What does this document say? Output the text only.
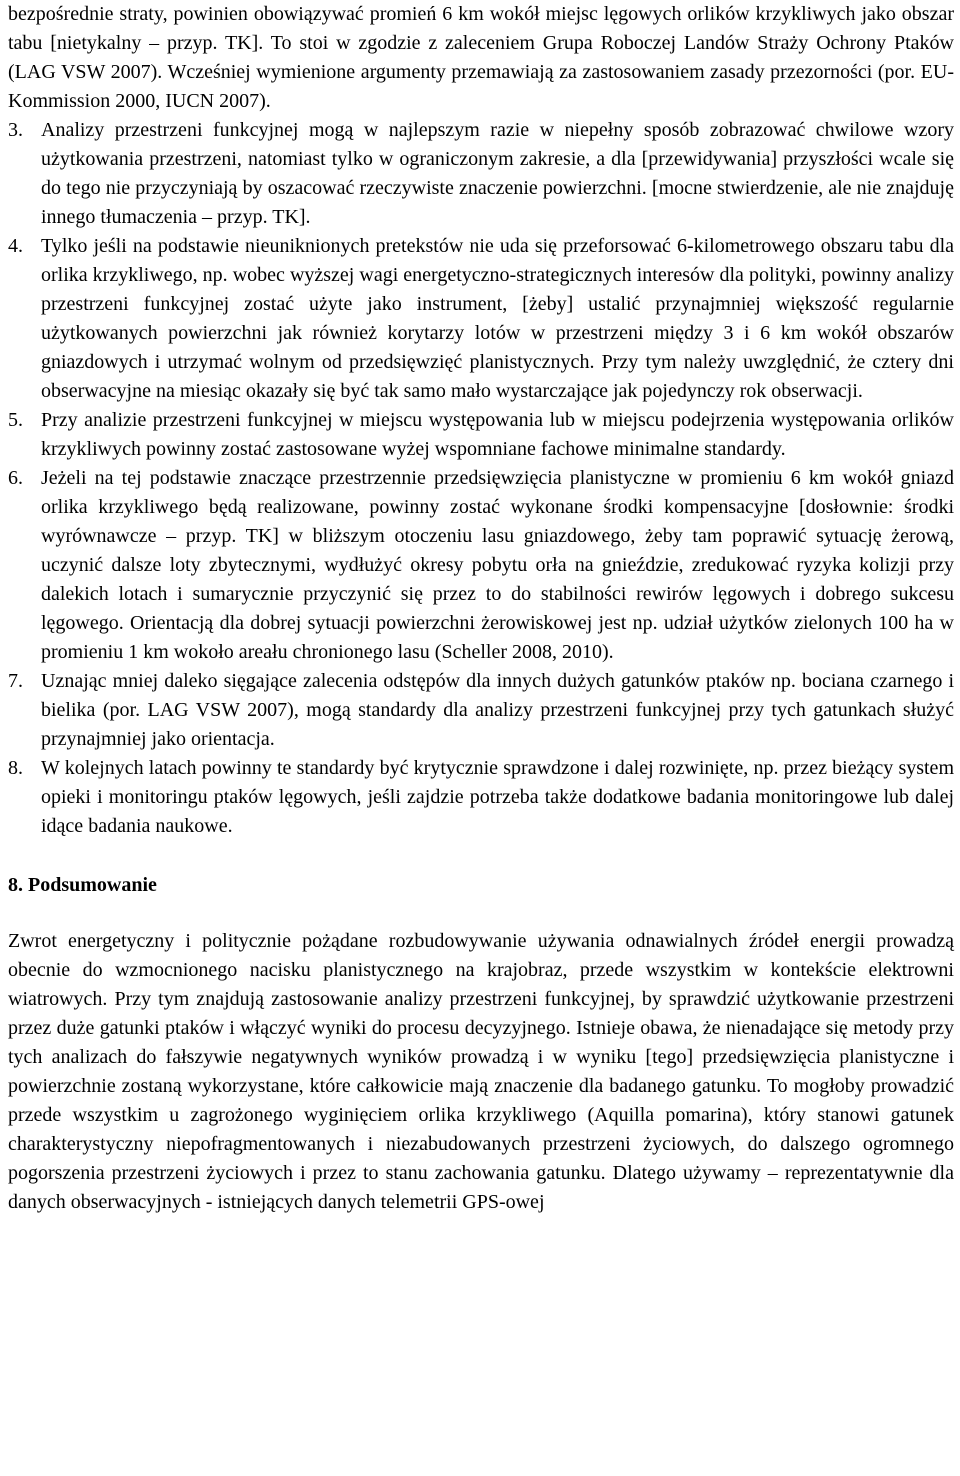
bezpośrednie straty, powinien obowiązywać promień 6 km wokół miejsc lęgowych orlików krzykliwych jako obszar tabu [nietykalny – przyp. TK]. To stoi w zgodzie z zaleceniem Grupa Roboczej Landów Straży Ochrony Ptaków (LAG VSW 2007). Wcześniej wymienione argumenty przemawiają za zastosowaniem zasady przezorności (por. EU-Kommission 2000, IUCN 2007).

3. Analizy przestrzeni funkcyjnej mogą w najlepszym razie w niepełny sposób zobrazować chwilowe wzory użytkowania przestrzeni, natomiast tylko w ograniczonym zakresie, a dla [przewidywania] przyszłości wcale się do tego nie przyczyniają by oszacować rzeczywiste znaczenie powierzchni. [mocne stwierdzenie, ale nie znajduję innego tłumaczenia – przyp. TK].
4. Tylko jeśli na podstawie nieuniknionych pretekstów nie uda się przeforsować 6-kilometrowego obszaru tabu dla orlika krzykliwego, np. wobec wyższej wagi energetyczno-strategicznych interesów dla polityki, powinny analizy przestrzeni funkcyjnej zostać użyte jako instrument, [żeby] ustalić przynajmniej większość regularnie użytkowanych powierzchni jak również korytarzy lotów w przestrzeni między 3 i 6 km wokół obszarów gniazdowych i utrzymać wolnym od przedsięwzięć planistycznych. Przy tym należy uwzględnić, że cztery dni obserwacyjne na miesiąc okazały się być tak samo mało wystarczające jak pojedynczy rok obserwacji.
5. Przy analizie przestrzeni funkcyjnej w miejscu występowania lub w miejscu podejrzenia występowania orlików krzykliwych powinny zostać zastosowane wyżej wspomniane fachowe minimalne standardy.
6. Jeżeli na tej podstawie znaczące przestrzennie przedsięwzięcia planistyczne w promieniu 6 km wokół gniazd orlika krzykliwego będą realizowane, powinny zostać wykonane środki kompensacyjne [dosłownie: środki wyrównawcze – przyp. TK] w bliższym otoczeniu lasu gniazdowego, żeby tam poprawić sytuację żerową, uczynić dalsze loty zbytecznymi, wydłużyć okresy pobytu orła na gnieździe, zredukować ryzyka kolizji przy dalekich lotach i sumarycznie przyczynić się przez to do stabilności rewirów lęgowych i dobrego sukcesu lęgowego. Orientacją dla dobrej sytuacji powierzchni żerowiskowej jest np. udział użytków zielonych 100 ha w promieniu 1 km wokoło areału chronionego lasu (Scheller 2008, 2010).
7. Uznając mniej daleko sięgające zalecenia odstępów dla innych dużych gatunków ptaków np. bociana czarnego i bielika (por. LAG VSW 2007), mogą standardy dla analizy przestrzeni funkcyjnej przy tych gatunkach służyć przynajmniej jako orientacja.
8. W kolejnych latach powinny te standardy być krytycznie sprawdzone i dalej rozwinięte, np. przez bieżący system opieki i monitoringu ptaków lęgowych, jeśli zajdzie potrzeba także dodatkowe badania monitoringowe lub dalej idące badania naukowe.
8. Podsumowanie

Zwrot energetyczny i politycznie pożądane rozbudowywanie używania odnawialnych źródeł energii prowadzą obecnie do wzmocnionego nacisku planistycznego na krajobraz, przede wszystkim w kontekście elektrowni wiatrowych. Przy tym znajdują zastosowanie analizy przestrzeni funkcyjnej, by sprawdzić użytkowanie przestrzeni przez duże gatunki ptaków i włączyć wyniki do procesu decyzyjnego. Istnieje obawa, że nienadające się metody przy tych analizach do fałszywie negatywnych wyników prowadzą i w wyniku [tego] przedsięwzięcia planistyczne i powierzchnie zostaną wykorzystane, które całkowicie mają znaczenie dla badanego gatunku. To mogłoby prowadzić przede wszystkim u zagrożonego wyginięciem orlika krzykliwego (Aquilla pomarina), który stanowi gatunek charakterystyczny niepofragmentowanych i niezabudowanych przestrzeni życiowych, do dalszego ogromnego pogorszenia przestrzeni życiowych i przez to stanu zachowania gatunku. Dlatego używamy – reprezentatywnie dla danych obserwacyjnych - istniejących danych telemetrii GPS-owej
